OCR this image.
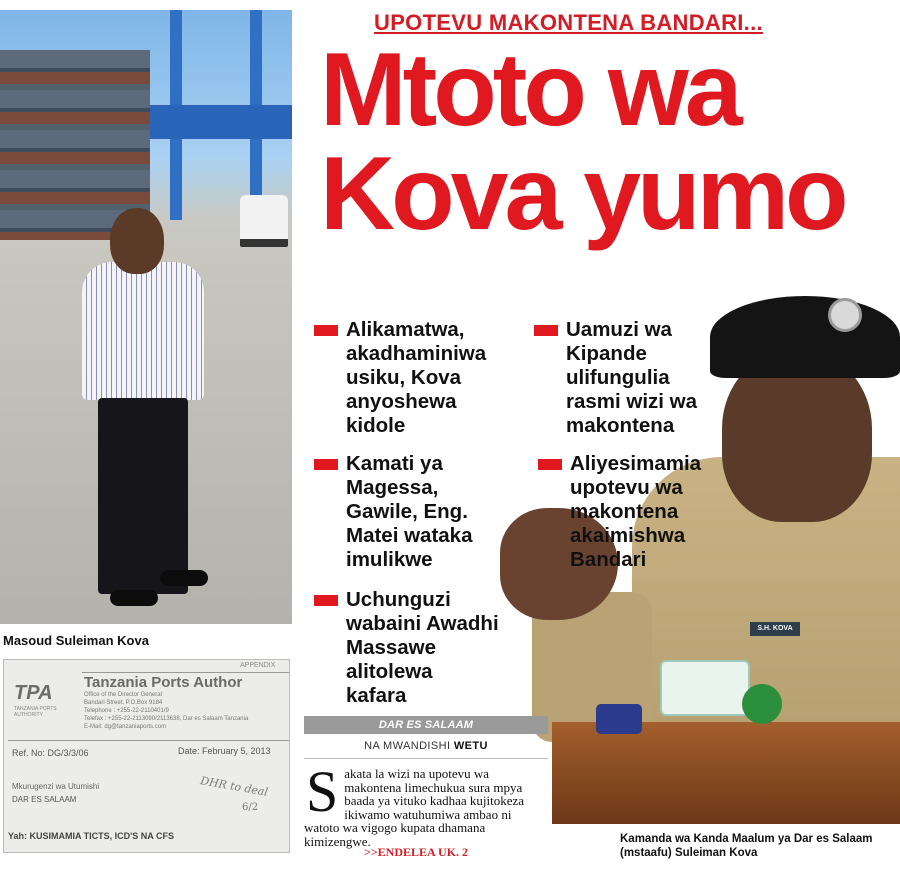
Masoud Suleiman Kova
APPENDIX
TPA
TANZANIA PORTS AUTHORITY
Tanzania Ports Author
Office of the Director General
Bandari Street, P.O.Box 9184
Telephone : +255-22-2110401/9
Telefax : +255-22-2113090/2113638, Dar es Salaam Tanzania
E-Mail: dg@tanzaniaports.com
Ref. No: DG/3/3/06	Date: February 5, 2013
Mkurugenzi wa Utumishi
DAR ES SALAAM
DHR to deal
6/2
Yah: KUSIMAMIA TICTS, ICD'S NA CFS
UPOTEVU MAKONTENA BANDARI...
Mtoto wa
Kova yumo
S.H. KOVA
Alikamatwa,
akadhaminiwa
usiku, Kova
anyoshewa
kidole
Kamati ya
Magessa,
Gawile, Eng.
Matei wataka
imulikwe
Uchunguzi
wabaini Awadhi
Massawe
alitolewa
kafara
Uamuzi wa
Kipande
ulifungulia
rasmi wizi wa
makontena
Aliyesimamia
upotevu wa
makontena
akaimishwa
Bandari
DAR ES SALAAM
NA MWANDISHI WETU
S akata la wizi na upotevu wa makontena limechukua sura mpya baada ya vituko kadhaa kujitokeza ikiwamo watuhumiwa ambao ni watoto wa vigogo kupata dhamana kimizengwe.
>>ENDELEA UK. 2
Kamanda wa Kanda Maalum ya Dar es Salaam (mstaafu) Suleiman Kova
